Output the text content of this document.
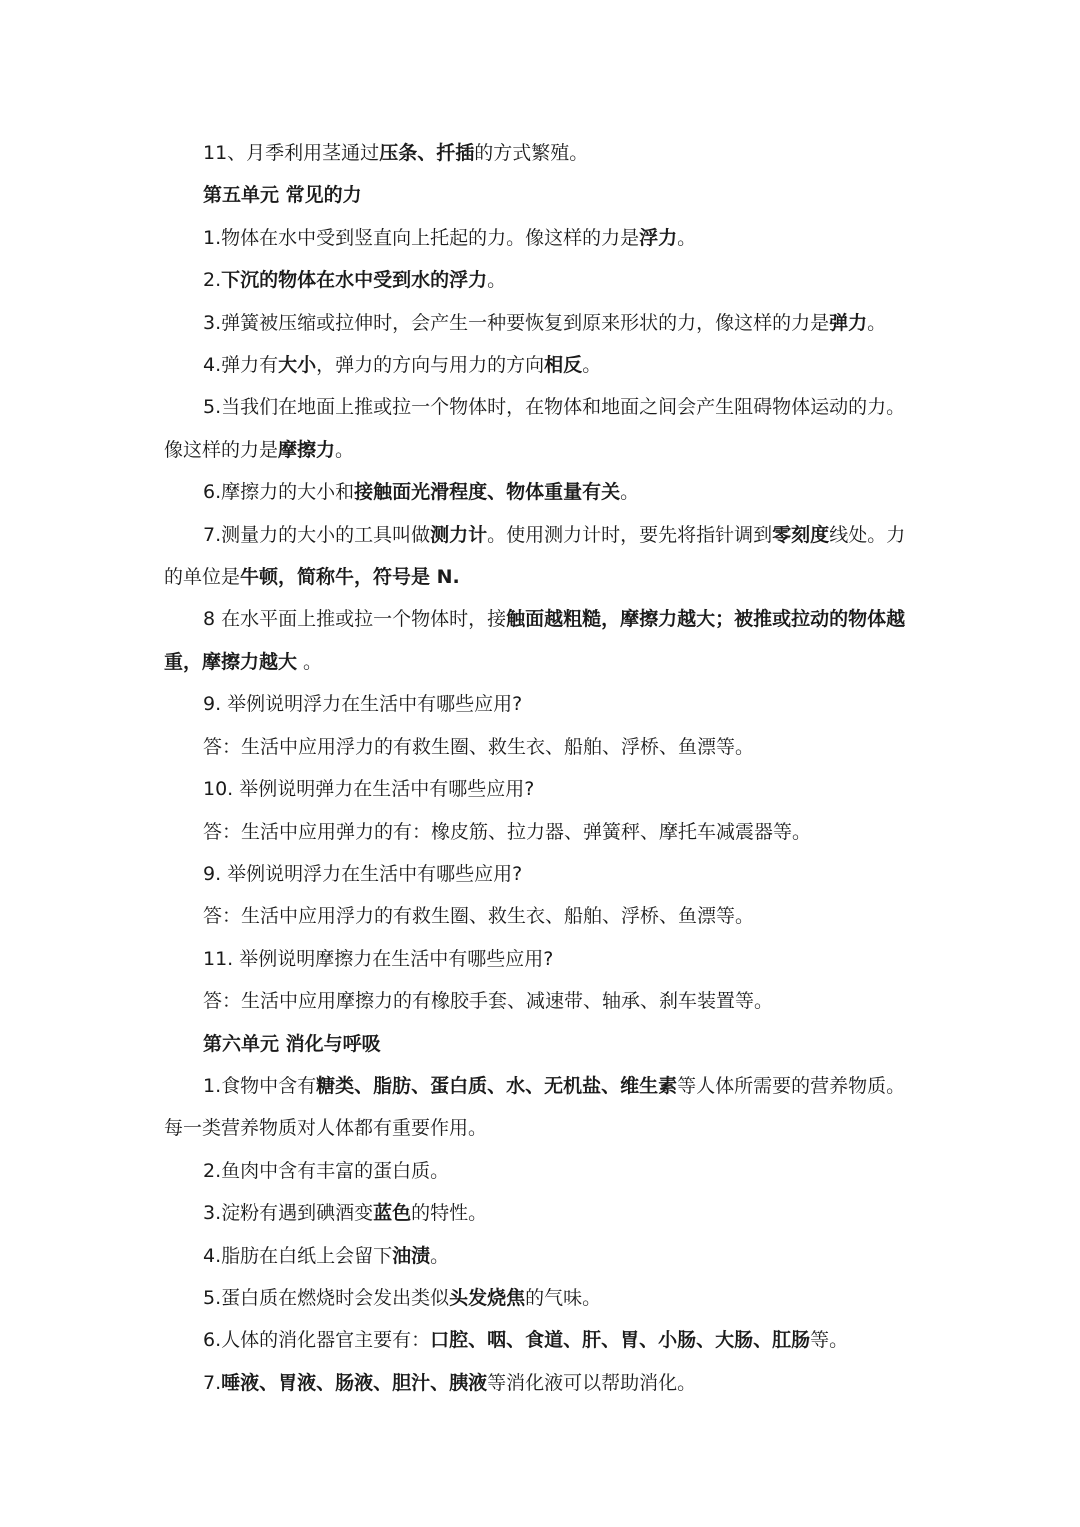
11、月季利用茎通过压条、扦插的方式繁殖。

第五单元 常见的力

1.物体在水中受到竖直向上托起的力。像这样的力是浮力。

2.下沉的物体在水中受到水的浮力。

3.弹簧被压缩或拉伸时，会产生一种要恢复到原来形状的力，像这样的力是弹力。

4.弹力有大小，弹力的方向与用力的方向相反。

5.当我们在地面上推或拉一个物体时，在物体和地面之间会产生阻碍物体运动的力。像这样的力是摩擦力。

6.摩擦力的大小和接触面光滑程度、物体重量有关。

7.测量力的大小的工具叫做测力计。使用测力计时，要先将指针调到零刻度线处。力的单位是牛顿，简称牛，符号是 N.

8 在水平面上推或拉一个物体时，接触面越粗糙，摩擦力越大；被推或拉动的物体越重，摩擦力越大 。

9. 举例说明浮力在生活中有哪些应用?

答：生活中应用浮力的有救生圈、救生衣、船舶、浮桥、鱼漂等。

10. 举例说明弹力在生活中有哪些应用?

答：生活中应用弹力的有：橡皮筋、拉力器、弹簧秤、摩托车减震器等。

9. 举例说明浮力在生活中有哪些应用?

答：生活中应用浮力的有救生圈、救生衣、船舶、浮桥、鱼漂等。

11. 举例说明摩擦力在生活中有哪些应用?

答：生活中应用摩擦力的有橡胶手套、减速带、轴承、刹车装置等。

第六单元 消化与呼吸

1.食物中含有糖类、脂肪、蛋白质、水、无机盐、维生素等人体所需要的营养物质。每一类营养物质对人体都有重要作用。

2.鱼肉中含有丰富的蛋白质。

3.淀粉有遇到碘酒变蓝色的特性。

4.脂肪在白纸上会留下油渍。

5.蛋白质在燃烧时会发出类似头发烧焦的气味。

6.人体的消化器官主要有：口腔、咽、食道、肝、胃、小肠、大肠、肛肠等。

7.唾液、胃液、肠液、胆汁、胰液等消化液可以帮助消化。
